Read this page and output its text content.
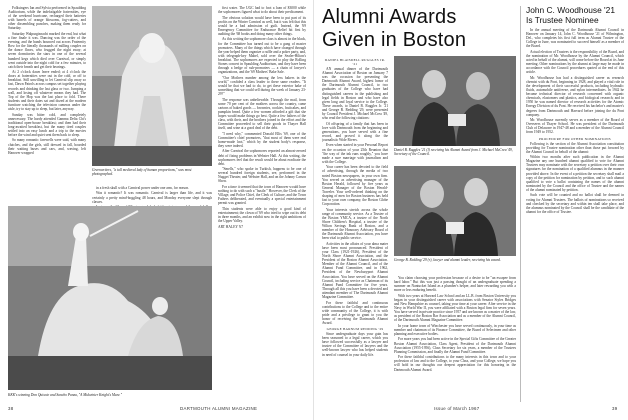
Folksingers Ian and Sylvia performed in Spaulding Auditorium, while the indefatigable fraternities, eye of the weekend hurricane, recharged their batteries with barrels of orange blossoms, fog-cutters, and other dissembling punches, making them ready for Saturday.

Saturday Walpurgisnacht marked the end, but what a fine finale it was. Dancing was the order of the evening, and the bands bounced out across Fraternity Row for the literally thousands of milling couples on the dance floors, who frugged the night away; at seven dormitories the stars in one of the several hundred kegs which died over Carnival, or simply went outside into the night cold for a few minutes, to catch their breath and get their bearings.

At 2 o'clock dawn leave ended; at 4 o'clock the doors at fraternities were out in the cold, or off to breakfast. Still unwilling to let Carnival slip away so fast, Dawn Patrols across campus set together playing records and drinking the last glass or two. Jumping a wall, and losing off whatever means they had. The Top of the Hop was the last place to fold. There students and their dates sat and dozed at the modern furniture watching the television cameras under the aisle, try to stay up to sleep, but later, anyway.

Sunday was bitter cold, and completely unnecessary. The hardy attended Gamma Delta Chi's traditional open-house breakfast; and then had their long-awaited breakfast, but the many tired couples settled into an easy lunch and a trip to the movies before the wind and quiet sent them back to sleep.

So many romantic farewells were said, with many clutches, and the girls, still dressed in fall, boarded their waiting buses and cars, and, waving, left Hanover wrapped

Greenwriters, "a tall medieval lady of human proportions," was most photographed.

in a fresh skull with a Carnival power under one arm, for reason.

Was it romantic? It was romantic. Carnival is larger than life, and it was certainly a pretty mind-boggling 48 hours, and Monday everyone slept through classes.

first water. The UGC had to foot a loan of $3000 while the sophomores figured what to do about their predicament.

The obvious solution would have been to put part of its profits on the Winter Carnival as well, but it was felt that this would be a bad admission of guilt. Instead, the '69 Emergency Committee for Endurance Relief hit first by auditing the '68 books and doing many other things.

As this writing the sophomore class is almost in the black, for the Committee has turned out to be a gang of master promoters. Many of the things which have changed through the year helped them organize a raffle and a poker party, and, with telegraph-key Mabel, sold over the Sealer-Hilton's breakfast. The sophomores are expected to play the Rolling Stones concert in Spaulding Auditorium, and they have been through a hedge of sub-promoters — a chain of lawyer's organizations, and the '69 Mothers' Bake Sale.

"Our Mothers number among the less bakers in the world," confided a class leader to these same readers. "It would be that we had to do, to get these exterior bake of something that we could sell during the week of January 23-29?"

The response was unbelievable. Through the mail, from some 70 per cent of the mothers across the country, came cartons of baked goods — brownies, cookies, fruitcakes, and pumpkin bread. Quite a few women afforded a gift that she hopes would make things go best. Quite a few fathers of the class, with their, and the brothers joined in the effort and the Committee proceeded to sell their goods in Thayer Hall itself, and wine at a good deal of the debt.

"I need why," commented Donald Ellis '69, one of the Committee's chief promoters, "that most of them were real home-made loot," which by the student body's response, they were indeed.

After Carnival the sophomores reported an almost-zeroed debt of fixing problems in Webster Hall. At this writing, the sophomores feel that the result would be about eradicate the debt.

"Smells," who spoke in Turkish, happens to be one of several hundred foreign students, see, performed in the Nugget Theater, and Webster Hall, and on the Johnny Carson Show.

For a time it seemed that the town of Hanover would have nothing to do with such a "hustle." However, the Clerk of the Village, and Police Chief, the Clerk of Culture, and the Town Fathers deliberated, and eventually a special entertainment permit was granted.

Thin students were able to enjoy a good kind of entertainment; the clown of '69 who tried to wipe out its debt in three months, and an exhibit now in the right ambitions of the Upper Valley.

ART HALEY '67

KKK's winning Don Quixote and Sancho Panza, "A Midwinter Knight's Mare."
38	DARTMOUTH ALUMNI MAGAZINE
Alumni Awards
Given in Boston
DANIEL BLAISDELL RUGGLES JR. '21

AN annual dinner of the Dartmouth Alumni Association of Boston on January 7 was the occasion for presenting the Dartmouth Alumni Award, highest honor of the Dartmouth Alumni Council, to two graduates of the College who have had distinguished careers in the publishing and legal fields in Boston and who have also given long and loyal service to the College. These awards, to Daniel B. Ruggles Jr. '21 and George B. Redding '29, were presented by Council President J. Michael McCrea '49, who read the following citations:

Of offspring of a family that has been in love with Dartmouth from the beginning and generations, you have served with a fine record, and proved it along the the journalistic Wide Rivers.

Even when started in your Personal Report on the occasion of your 25th Reunion that "the way of the ink runs roughly," you have made a sure marriage with journalism and with the College.

Your career has been devoted to the field of advertising, through the media of two noted Boston newspapers, in your own firm. You served as advertising manager of the Boston Herald, followed by five years as General Manager of the Boston Herald-Traveler. Your well-ordered thinking on the shaping of men for Boston business has held fast to your own company, the Boston Globe Corporation.

Your interests stretch across the whole range of community service. As a Trustee of the Boston YMCA, a trustee of the North Shore Children's Hospital, a trustee of the Wilton Savings Bank of Boston, and a member of the Honorary Advisory Board of the Dartmouth Alumni Association, you have been vital to public service.

Activities in the affairs of your alma mater have been most pronounced. President of your Class (1921-1926), President of the North Shore Alumni Association, and the President of the Boston Alumni Association. Member of the Alumni Council, and of the Alumni Fund Committee, and in 1962, President of the Newburyport Alumni Association. You have served on the Alumni Council, including service as Chairman of its Alumni Fund Committee for five years. Through all this you have been a devoted and attendant member of The Dartmouth Alumni Magazine Committee.

For these faithful and continuous contributions to the College and to the entire wide community of the College, it is with pride and a privilege to grant to you the honor of receiving the Dartmouth Alumni Award.

GEORGE BARNUM REDDING '29

Since undergraduate days your gain has been seasoned to a legal career, which you have followed successfully as a lawyer and trustee of the Committee of lawyers and the well-known lawyer who has helped students in need of counsel in your daily life.

Daniel B. Ruggles '21 (l) receiving his Alumni Award from J. Michael McCrea '49, Secretary of the Council.
George B. Redding '29 (r), lawyer and alumni leader, receiving his award.

You claim choosing your profession because of a desire to be "an escapee from hard labor." But this was just a passing thought of an undergraduate spending a summer on Nantucket Island as a plumber's helper, and later rewarding you with a more or less enduring benefit.

With two years at Harvard Law School and an LL.B. from Boston University you began in your distinguished career with associations with Senator Styles Bridges and New Hampshire as counsel, taking your time at your career. After service in the Navy in World War II, you were affiliated with a Boston legal firm for seven years. You have served in private practice since 1957 and are known as a master of the law, as president of the Boston Bar Association and as a member of the Alumni Council, of the Dartmouth Alumni Magazine Committee.

In your home town of Winchester you have served continuously, in your time as member and chairman of its Finance Committee, the Board of Selectmen and other planning and executive bodies.

For more years you had been active in the Special Gifts Committee of the Greater Boston Alumni Association, Class Agent, President of the Dartmouth Alumni Association (1955-1956), Class Secretary for six years, a member of the Trustees Planning Commission, and finally the Alumni Fund Committee.

For these faithful contributions to the many interests in this town and to your profession of law and to the College, to your Class, and your College, we hope you will hold in our thoughts our deepest appreciation for this honoring in the Dartmouth Alumni Award.

John C. Woodhouse '21
Is Trustee Nominee

In the annual meeting of the Dartmouth Alumni Council in Hanover on January 14, John C. Woodhouse '21 of Wilmington, Del., who completes his first full term as Alumni Trustee of the College in June, was nominated to succeed himself as a member of the Board.

Actual election of Trustees is the responsibility of the Board, and the nomination of Mr. Woodhouse by the Alumni Council, which acted in behalf of the alumni, will come before the Board at its June meeting. Other nominations by the alumni at large may be made in accordance with the Council procedures quoted at the end of this article.

Mr. Woodhouse has had a distinguished career as research chemist with du Pont, beginning in 1928, and played a vital role in the development of their successful products, including hydraulic fluids, automobile antifreeze, and nylon intermediates. In 1942 he became technical director of research concerned with organic chemicals, elastomers and plastics, and biological research; and in 1950 he was named director of research activities for the Atomic Energy Division of du Pont. He received his bachelor's and master's degrees from Dartmouth and Harvard before joining the du Pont company.

Mr. Woodhouse currently serves as a member of the Board of Overseers of Thayer School. He was president of the Dartmouth Club of Delaware in 1947-48 and a member of the Alumni Council from 1949 to 1952.

PROCEDURE FOR OTHER NOMINATIONS

Following is the section of the Alumni Association constitution providing for Trustee nomination other than those put forward by the Alumni Council in behalf of the alumni:

Within two months after such publication in the Alumni Magazine any one hundred alumni qualified to vote for Alumni Trustees may nominate with the secretary a petition over their own signatures for the nomination of a qualified alumnus in the manner provided above. In the event of a petition the secretary shall mail a copy of the petition for nomination by petition, and to such alumni qualified to vote a ballot containing the names of the alumni nominated by the Council and the office of Trustee and the names of the alumni nominated by petition.

Such vote will be counted and no ballot shall be deemed in voting for Alumni Trustees. The ballots of nominations so received and checked by the secretary and within ten shall take place, and the alumnus nominated by the Council shall be the candidate of the alumni for the office of Trustee.

Issue of March 1967	39
